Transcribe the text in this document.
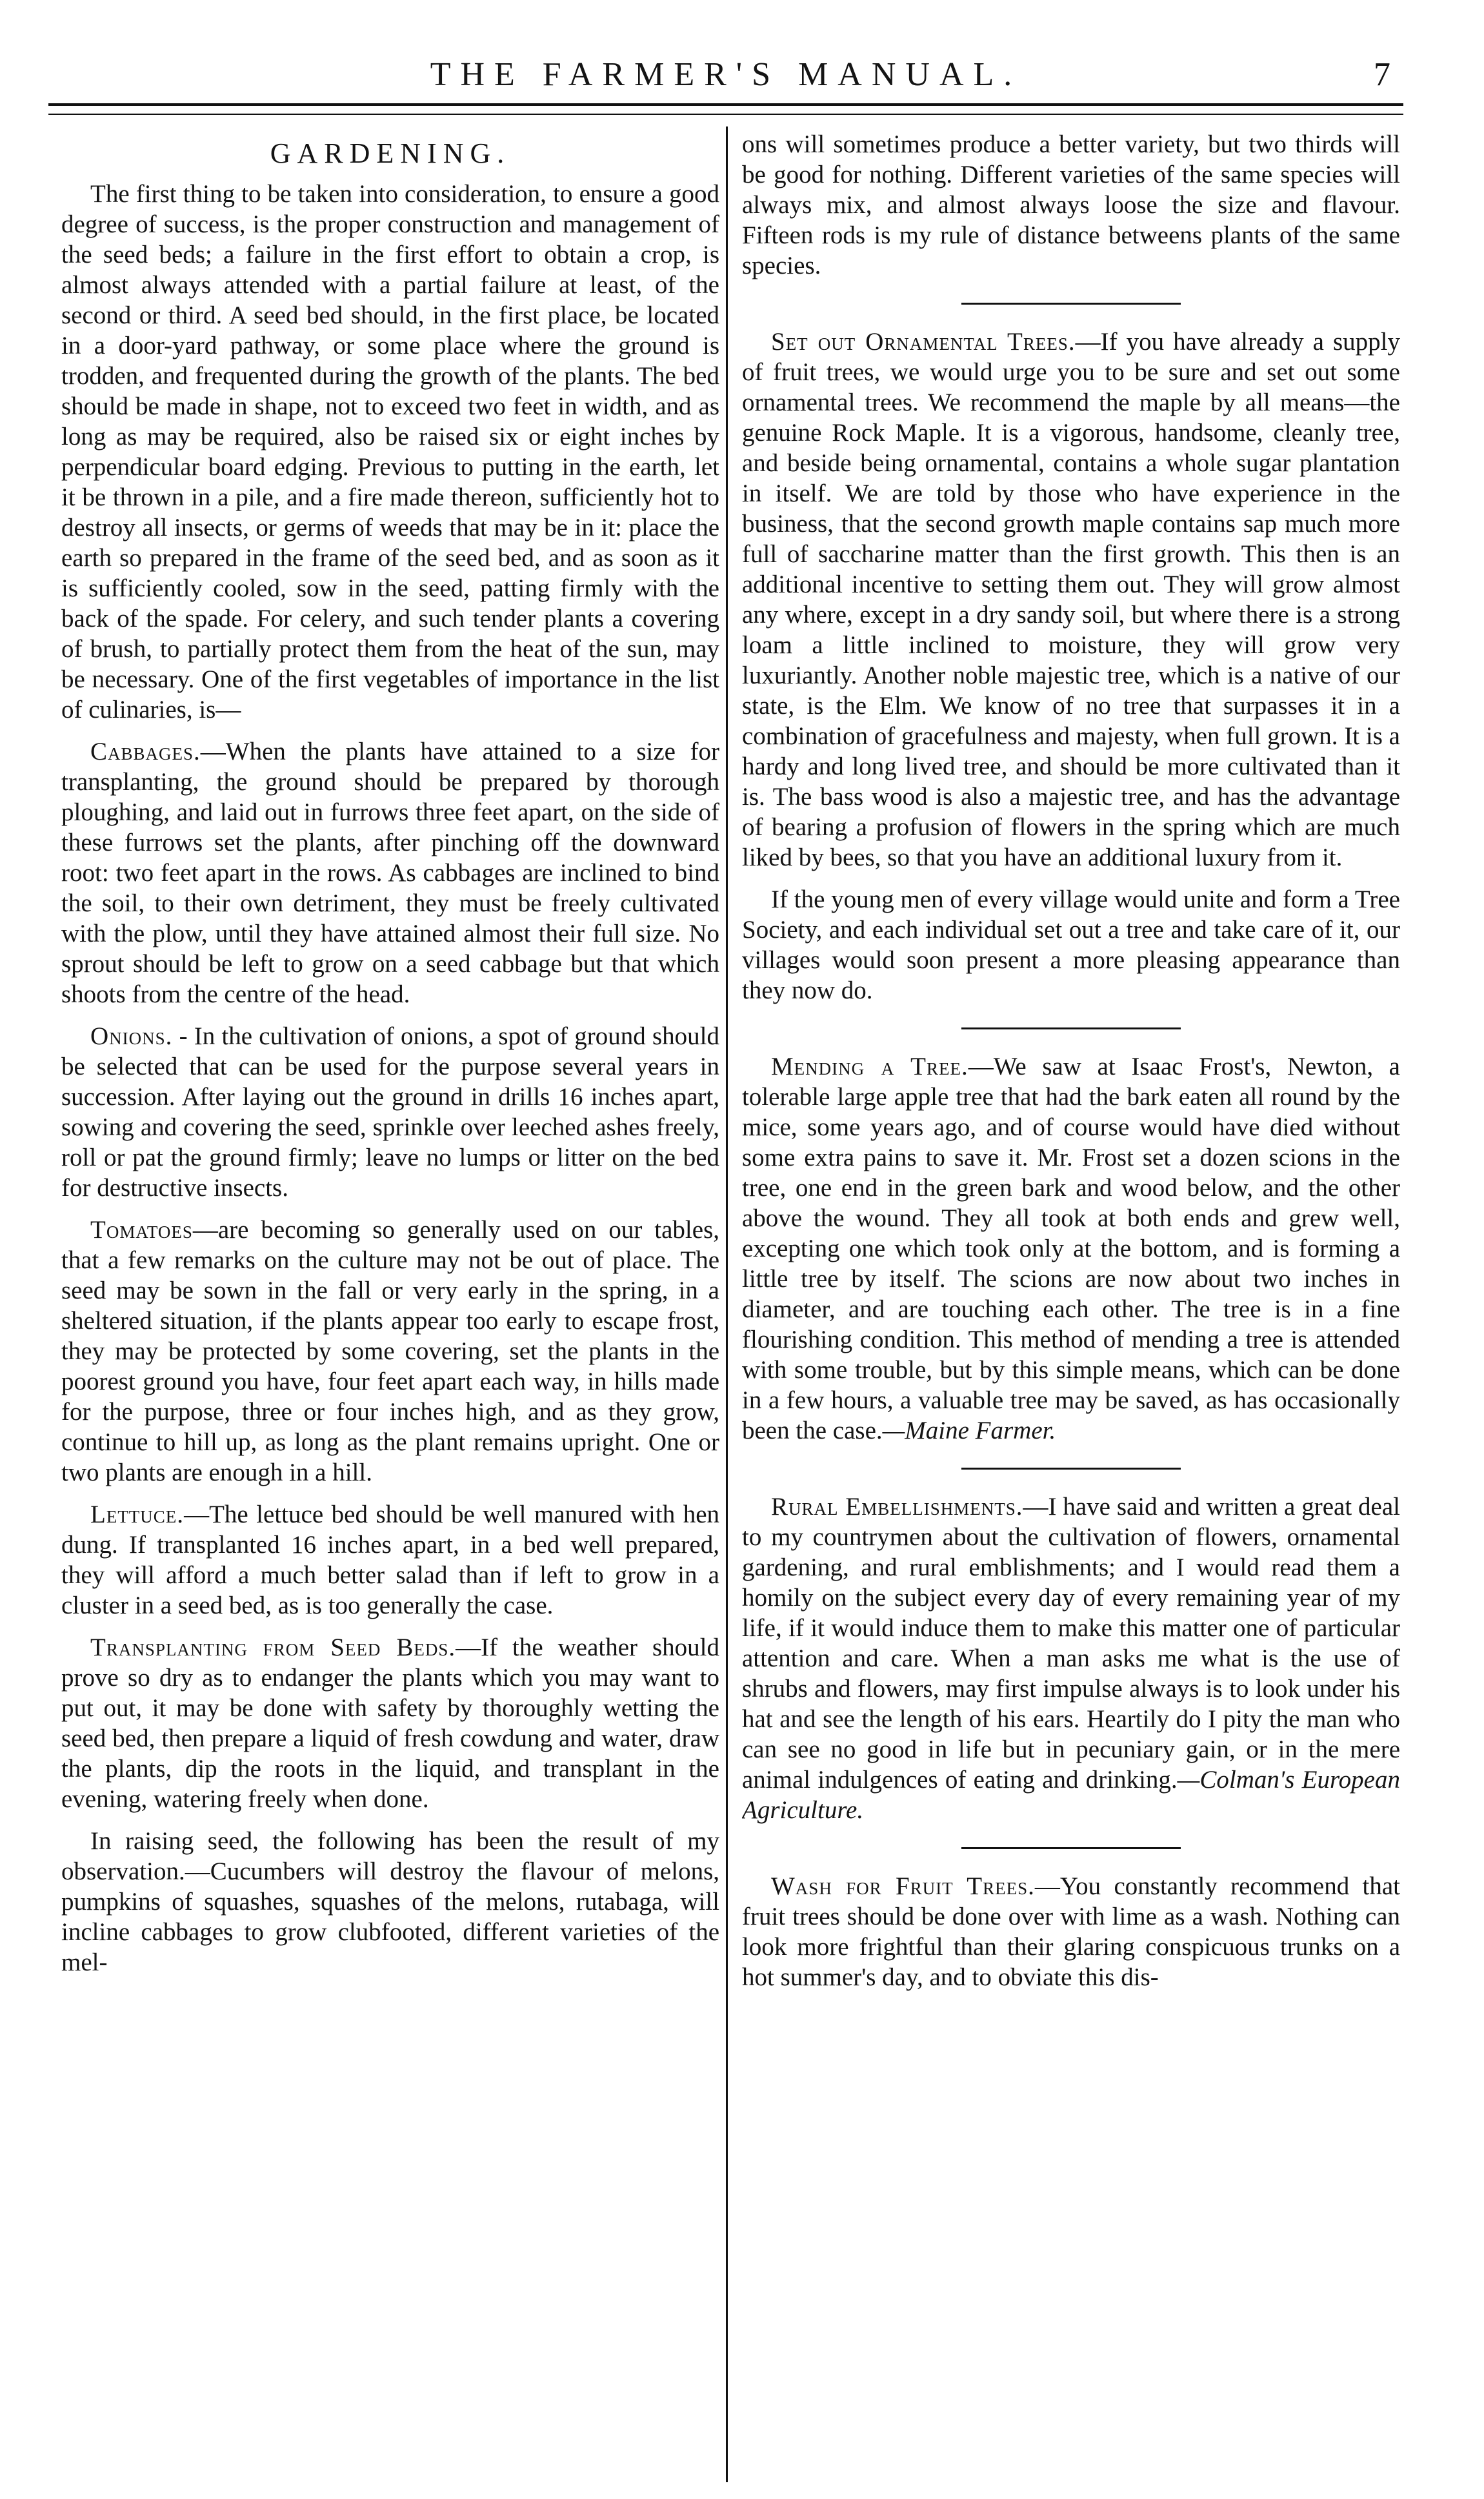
THE FARMER'S MANUAL.	7
GARDENING.

The first thing to be taken into consideration, to ensure a good degree of success, is the proper construction and management of the seed beds; a failure in the first effort to obtain a crop, is almost always attended with a partial failure at least, of the second or third. A seed bed should, in the first place, be located in a door-yard pathway, or some place where the ground is trodden, and frequented during the growth of the plants. The bed should be made in shape, not to exceed two feet in width, and as long as may be required, also be raised six or eight inches by perpendicular board edging. Previous to putting in the earth, let it be thrown in a pile, and a fire made thereon, sufficiently hot to destroy all insects, or germs of weeds that may be in it: place the earth so prepared in the frame of the seed bed, and as soon as it is sufficiently cooled, sow in the seed, patting firmly with the back of the spade. For celery, and such tender plants a covering of brush, to partially protect them from the heat of the sun, may be necessary. One of the first vegetables of importance in the list of culinaries, is—

Cabbages.—When the plants have attained to a size for transplanting, the ground should be prepared by thorough ploughing, and laid out in furrows three feet apart, on the side of these furrows set the plants, after pinching off the downward root: two feet apart in the rows. As cabbages are inclined to bind the soil, to their own detriment, they must be freely cultivated with the plow, until they have attained almost their full size. No sprout should be left to grow on a seed cabbage but that which shoots from the centre of the head.

Onions. - In the cultivation of onions, a spot of ground should be selected that can be used for the purpose several years in succession. After laying out the ground in drills 16 inches apart, sowing and covering the seed, sprinkle over leeched ashes freely, roll or pat the ground firmly; leave no lumps or litter on the bed for destructive insects.

Tomatoes—are becoming so generally used on our tables, that a few remarks on the culture may not be out of place. The seed may be sown in the fall or very early in the spring, in a sheltered situation, if the plants appear too early to escape frost, they may be protected by some covering, set the plants in the poorest ground you have, four feet apart each way, in hills made for the purpose, three or four inches high, and as they grow, continue to hill up, as long as the plant remains upright. One or two plants are enough in a hill.

Lettuce.—The lettuce bed should be well manured with hen dung. If transplanted 16 inches apart, in a bed well prepared, they will afford a much better salad than if left to grow in a cluster in a seed bed, as is too generally the case.

Transplanting from Seed Beds.—If the weather should prove so dry as to endanger the plants which you may want to put out, it may be done with safety by thoroughly wetting the seed bed, then prepare a liquid of fresh cowdung and water, draw the plants, dip the roots in the liquid, and transplant in the evening, watering freely when done.

In raising seed, the following has been the result of my observation.—Cucumbers will destroy the flavour of melons, pumpkins of squashes, squashes of the melons, rutabaga, will incline cabbages to grow clubfooted, different varieties of the mel-

ons will sometimes produce a better variety, but two thirds will be good for nothing. Different varieties of the same species will always mix, and almost always loose the size and flavour. Fifteen rods is my rule of distance betweens plants of the same species.

Set out Ornamental Trees.—If you have already a supply of fruit trees, we would urge you to be sure and set out some ornamental trees. We recommend the maple by all means—the genuine Rock Maple. It is a vigorous, handsome, cleanly tree, and beside being ornamental, contains a whole sugar plantation in itself. We are told by those who have experience in the business, that the second growth maple contains sap much more full of saccharine matter than the first growth. This then is an additional incentive to setting them out. They will grow almost any where, except in a dry sandy soil, but where there is a strong loam a little inclined to moisture, they will grow very luxuriantly. Another noble majestic tree, which is a native of our state, is the Elm. We know of no tree that surpasses it in a combination of gracefulness and majesty, when full grown. It is a hardy and long lived tree, and should be more cultivated than it is. The bass wood is also a majestic tree, and has the advantage of bearing a profusion of flowers in the spring which are much liked by bees, so that you have an additional luxury from it.

If the young men of every village would unite and form a Tree Society, and each individual set out a tree and take care of it, our villages would soon present a more pleasing appearance than they now do.

Mending a Tree.—We saw at Isaac Frost's, Newton, a tolerable large apple tree that had the bark eaten all round by the mice, some years ago, and of course would have died without some extra pains to save it. Mr. Frost set a dozen scions in the tree, one end in the green bark and wood below, and the other above the wound. They all took at both ends and grew well, excepting one which took only at the bottom, and is forming a little tree by itself. The scions are now about two inches in diameter, and are touching each other. The tree is in a fine flourishing condition. This method of mending a tree is attended with some trouble, but by this simple means, which can be done in a few hours, a valuable tree may be saved, as has occasionally been the case.—Maine Farmer.

Rural Embellishments.—I have said and written a great deal to my countrymen about the cultivation of flowers, ornamental gardening, and rural emblishments; and I would read them a homily on the subject every day of every remaining year of my life, if it would induce them to make this matter one of particular attention and care. When a man asks me what is the use of shrubs and flowers, may first impulse always is to look under his hat and see the length of his ears. Heartily do I pity the man who can see no good in life but in pecuniary gain, or in the mere animal indulgences of eating and drinking.—Colman's European Agriculture.

Wash for Fruit Trees.—You constantly recommend that fruit trees should be done over with lime as a wash. Nothing can look more frightful than their glaring conspicuous trunks on a hot summer's day, and to obviate this dis-
